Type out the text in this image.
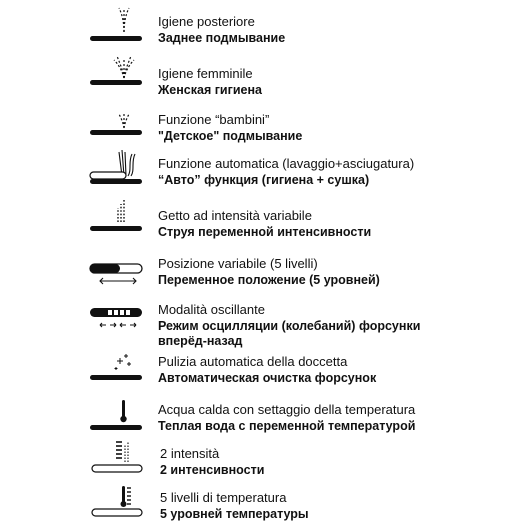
Igiene posteriore
Заднее подмывание
Igiene femminile
Женская гигиена
Funzione “bambini”
"Детское" подмывание
Funzione automatica (lavaggio+asciugatura)
“Авто” функция (гигиена + сушка)
Getto ad intensità variabile
Струя переменной интенсивности
Posizione variabile (5 livelli)
Переменное положение (5 уровней)
Modalità oscillante
Режим осцилляции (колебаний) форсунки вперёд-назад
Pulizia automatica della doccetta
Автоматическая очистка форсунок
Acqua calda con settaggio della temperatura
Теплая вода с переменной температурой
2 intensità
2 интенсивности
5 livelli di temperatura
5 уровней температуры
